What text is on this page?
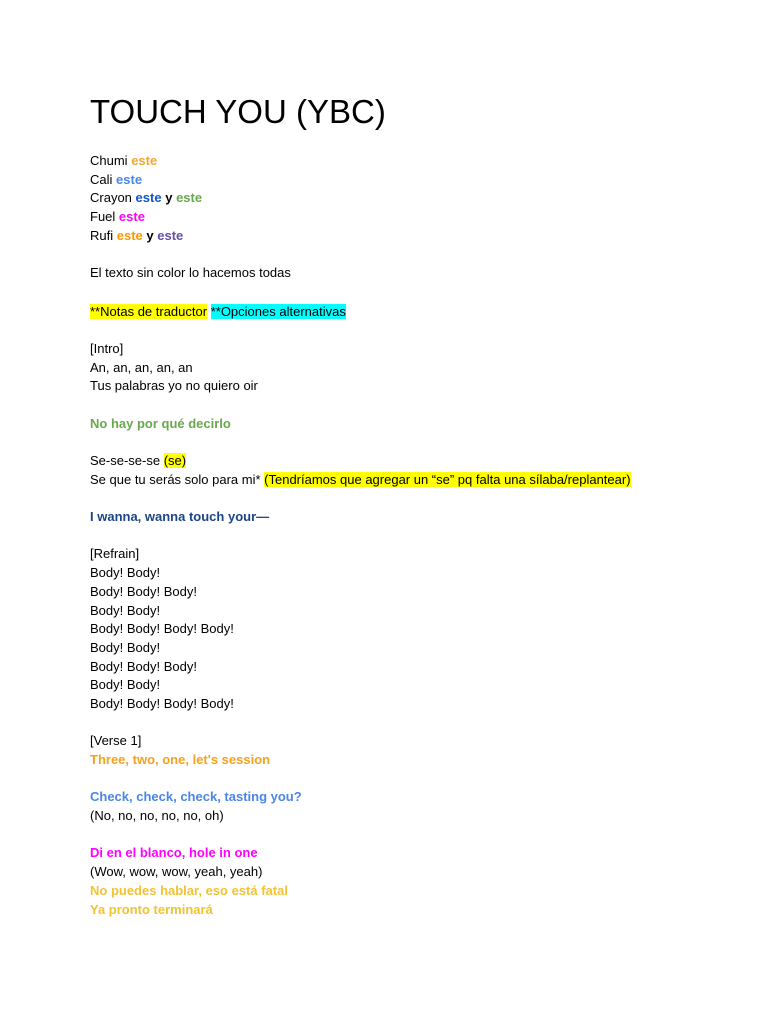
TOUCH YOU (YBC)
Chumi este
Cali este
Crayon este y este
Fuel este
Rufi este y este
El texto sin color lo hacemos todas
**Notas de traductor **Opciones alternativas
[Intro]
An, an, an, an, an
Tus palabras yo no quiero oir
No hay por qué decirlo
Se-se-se-se (se)
Se que tu serás solo para mi* (Tendríamos que agregar un “se” pq falta una sílaba/replantear)
I wanna, wanna touch your—
[Refrain]
Body! Body!
Body! Body! Body!
Body! Body!
Body! Body! Body! Body!
Body! Body!
Body! Body! Body!
Body! Body!
Body! Body! Body! Body!
[Verse 1]
Three, two, one, let's session
Check, check, check, tasting you?
(No, no, no, no, no, oh)
Di en el blanco, hole in one
(Wow, wow, wow, yeah, yeah)
No puedes hablar, eso está fatal
Ya pronto terminará
